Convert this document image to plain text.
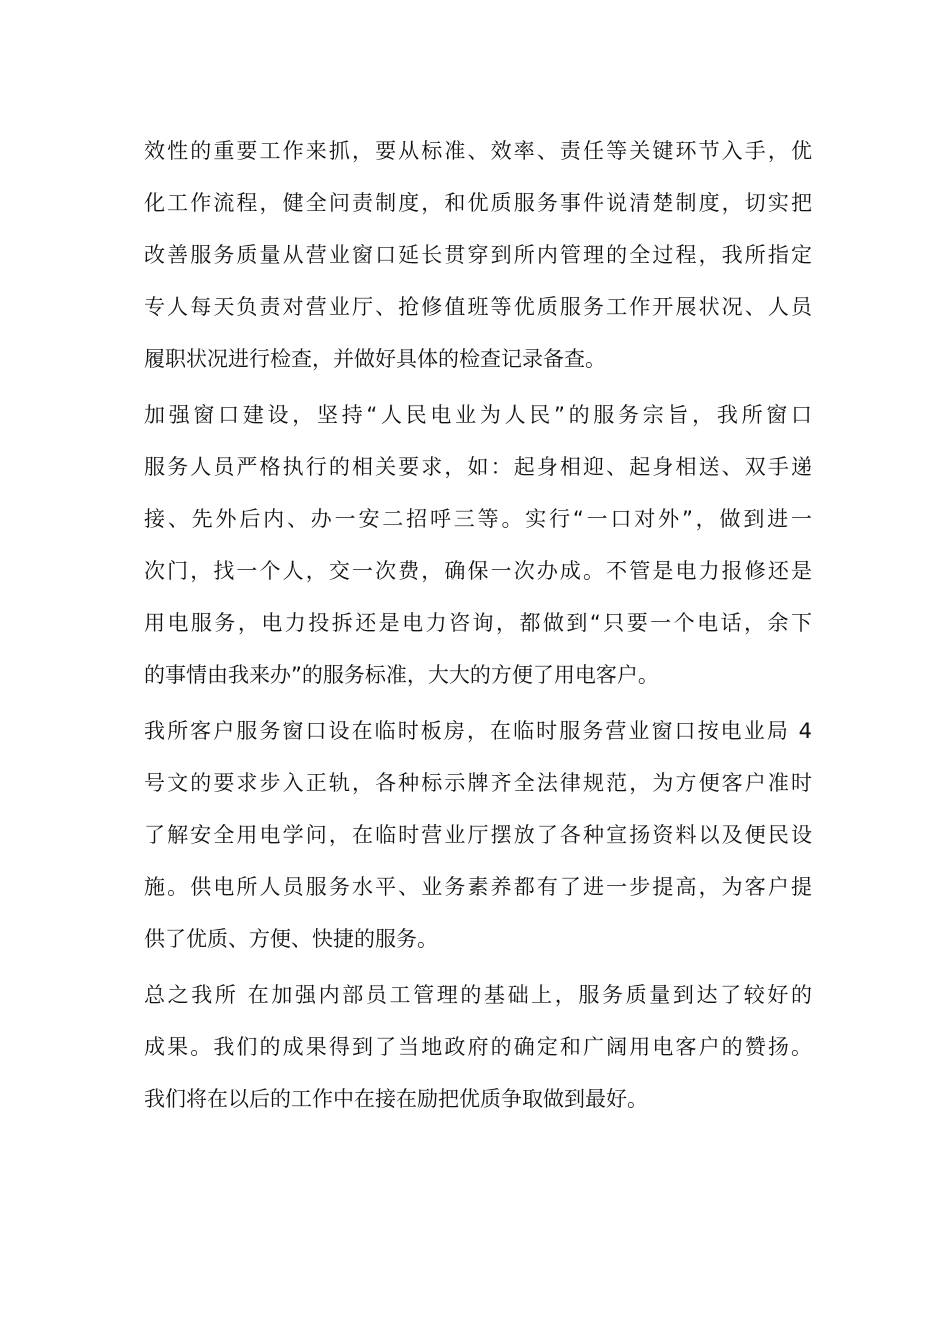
效性的重要工作来抓，要从标准、效率、责任等关键环节入手，优
化工作流程，健全问责制度，和优质服务事件说清楚制度，切实把
改善服务质量从营业窗口延长贯穿到所内管理的全过程，我所指定
专人每天负责对营业厅、抢修值班等优质服务工作开展状况、人员
履职状况进行检查，并做好具体的检查记录备查。
加强窗口建设，坚持“人民电业为人民”的服务宗旨，我所窗口
服务人员严格执行的相关要求，如：起身相迎、起身相送、双手递
接、先外后内、办一安二招呼三等。实行“一口对外”，做到进一
次门，找一个人，交一次费，确保一次办成。不管是电力报修还是
用电服务，电力投拆还是电力咨询，都做到“只要一个电话，余下
的事情由我来办”的服务标准，大大的方便了用电客户。
我所客户服务窗口设在临时板房，在临时服务营业窗口按电业局 4
号文的要求步入正轨，各种标示牌齐全法律规范，为方便客户准时
了解安全用电学问，在临时营业厅摆放了各种宣扬资料以及便民设
施。供电所人员服务水平、业务素养都有了进一步提高，为客户提
供了优质、方便、快捷的服务。
总之我所 在加强内部员工管理的基础上，服务质量到达了较好的
成果。我们的成果得到了当地政府的确定和广阔用电客户的赞扬。
我们将在以后的工作中在接在励把优质争取做到最好。
